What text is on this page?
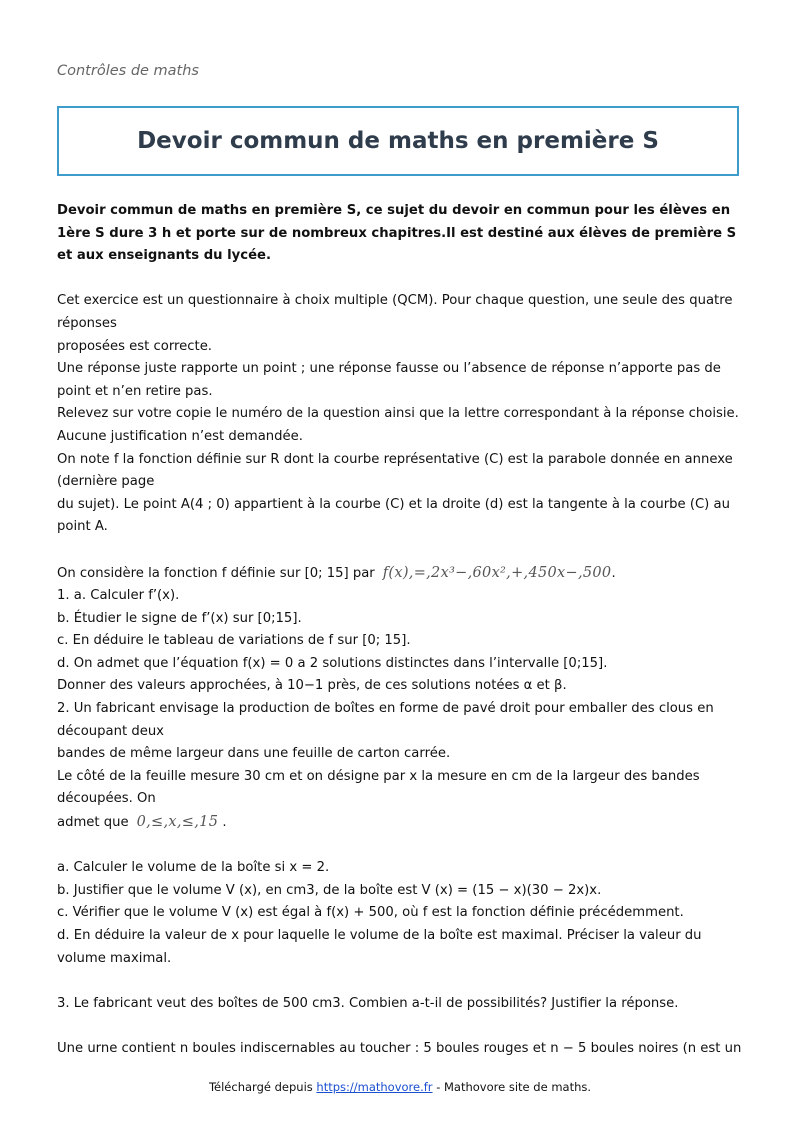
Contrôles de maths
Devoir commun de maths en première S

Devoir commun de maths en première S, ce sujet du devoir en commun pour les élèves en 1ère S dure 3 h et porte sur de nombreux chapitres.Il est destiné aux élèves de première S et aux enseignants du lycée.

Cet exercice est un questionnaire à choix multiple (QCM). Pour chaque question, une seule des quatre réponses

proposées est correcte.

Une réponse juste rapporte un point ; une réponse fausse ou l’absence de réponse n’apporte pas de point et n’en retire pas.

Relevez sur votre copie le numéro de la question ainsi que la lettre correspondant à la réponse choisie.

Aucune justification n’est demandée.

On note f la fonction définie sur R dont la courbe représentative (C) est la parabole donnée en annexe (dernière page

du sujet). Le point A(4 ; 0) appartient à la courbe (C) et la droite (d) est la tangente à la courbe (C) au point A.

On considère la fonction f définie sur [0; 15] par f(x),=,2x³−,60x²,+,450x−,500.

1. a. Calculer f’(x).

b. Étudier le signe de f’(x) sur [0;15].

c. En déduire le tableau de variations de f sur [0; 15].

d. On admet que l’équation f(x) = 0 a 2 solutions distinctes dans l’intervalle [0;15].

Donner des valeurs approchées, à 10−1 près, de ces solutions notées α et β.

2. Un fabricant envisage la production de boîtes en forme de pavé droit pour emballer des clous en découpant deux

bandes de même largeur dans une feuille de carton carrée.

Le côté de la feuille mesure 30 cm et on désigne par x la mesure en cm de la largeur des bandes découpées. On

admet que 0,≤,x,≤,15 .

a. Calculer le volume de la boîte si x = 2.

b. Justifier que le volume V (x), en cm3, de la boîte est V (x) = (15 − x)(30 − 2x)x.

c. Vérifier que le volume V (x) est égal à f(x) + 500, où f est la fonction définie précédemment.

d. En déduire la valeur de x pour laquelle le volume de la boîte est maximal. Préciser la valeur du volume maximal.

3. Le fabricant veut des boîtes de 500 cm3. Combien a-t-il de possibilités? Justifier la réponse.

Une urne contient n boules indiscernables au toucher : 5 boules rouges et n − 5 boules noires (n est un

Téléchargé depuis https://mathovore.fr - Mathovore site de maths.
